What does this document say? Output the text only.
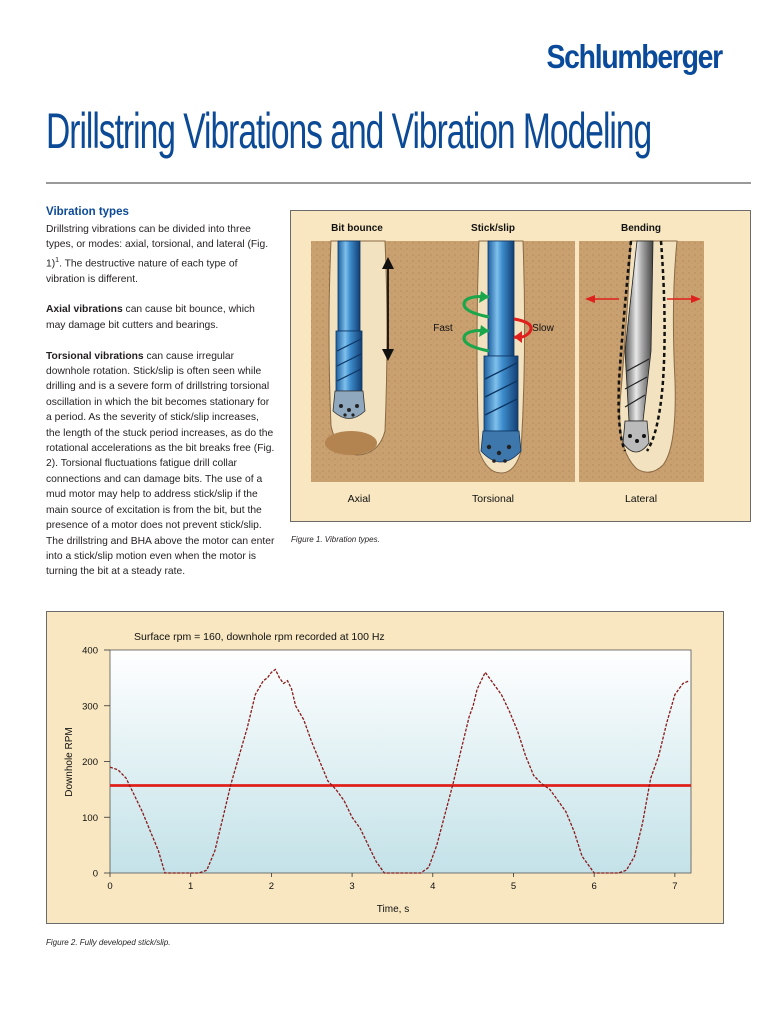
Schlumberger
Drillstring Vibrations and Vibration Modeling
Vibration types

Drillstring vibrations can be divided into three types, or modes: axial, torsional, and lateral (Fig. 1)$^1$. The destructive nature of each type of vibration is different.

Axial vibrations can cause bit bounce, which may damage bit cutters and bearings.

Torsional vibrations can cause irregular downhole rotation. Stick/slip is often seen while drilling and is a severe form of drillstring torsional oscillation in which the bit becomes stationary for a period. As the severity of stick/slip increases, the length of the stuck period increases, as do the rotational accelerations as the bit breaks free (Fig. 2). Torsional fluctuations fatigue drill collar connections and can damage bits. The use of a mud motor may help to address stick/slip if the main source of excitation is from the bit, but the presence of a motor does not prevent stick/slip. The drillstring and BHA above the motor can enter into a stick/slip motion even when the motor is turning the bit at a steady rate.

Bit bounce	Stick/slip	Bending
Fast	Slow
Axial	Torsional	Lateral
Figure 1. Vibration types.
0	1	2	3	4	5	6	7
0
100
200
300
400
Surface rpm = 160, downhole rpm recorded at 100 Hz
Time, s
Downhole RPM
Figure 2. Fully developed stick/slip.
